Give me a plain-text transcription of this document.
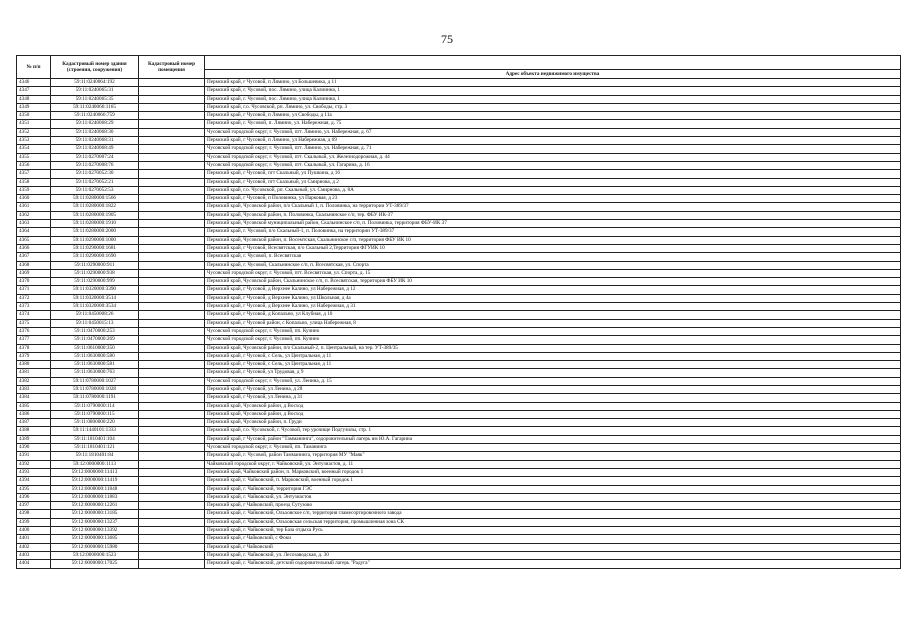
75
№ п/п	Кадастровый номер здания (строения, сооружения)	Кадастровый номер помещения	
			Адрес объекта недвижимого имущества
4346	59:11:0240064:192		Пермский край, г Чусовой, п Лямино, ул Большевика, д 11
4347	59:11:0240065:31		Пермский край, г. Чусовой, пос. Лямино, улица Калинина, 1
4348	59:11:0240065:35		Пермский край, г. Чусовой, пос. Лямино, улица Калинина, 1
4349	59:11:0240066:1165		Пермский край, г.о. Чусовской, рп. Лямино, ул. Свободы, стр. 3
4350	59:11:0240066:759		Пермский край, г Чусовой, п Лямино, ул Свободы, д 11а
4351	59:11:0240068:29		Пермский край, г. Чусовой, п. Лямино, ул. Набережная, д. 75
4352	59:11:0240068:30		Чусовской городской округ, г. Чусовой, пгт. Лямино, ул. Набережная, д. 67
4353	59:11:0240068:31		Пермский край, г Чусовой, п Лямино, ул Набережная, д 69
4354	59:11:0240068:49		Чусовской городской округ, г. Чусовой, пгт. Лямино, ул. Набережная, д. 71
4355	59:11:0270007:24		Чусовской городской округ, г. Чусовой, пгт. Скальный, ул. Железнодорожная, д. 44
4356	59:11:0270008:76		Чусовской городской округ, г. Чусовой, пгт. Скальный, ул. Гагарина, д. 16
4357	59:11:0270052:30		Пермский край, г Чусовой, пгт Скальный, ул Пушкина, д 16
4358	59:11:0270052:21		Пермский край, г Чусовой, пгт Скальный, ул Смирнова, д 2
4359	59:11:0270052:53		Пермский край, г.о. Чусовской, рп. Скальный, ул. Смирнова, д. 8А
4360	59:11:0280000:1566		Пермский край, г Чусовой, п Половинка, ул Парковая, д 23
4361	59:11:0280000:1822		Пермский край, Чусовской район, п/о Скальный 1, п. Половинка, на территории УТ-389/37
4362	59:11:0280000:1905		Пермский край, Чусовской район, п. Половинка, Скальнинское с/п, тер. ФБУ ИК-37
4363	59:11:0280000:1910		Пермский край, Чусовской муниципальный район, Скальнинское с/п, п. Половинка, территория ФБУ-ИК 37
4364	59:11:0280000:2000		Пермский край, г. Чусовой, п/о Скальный-1, п. Половинка, на территории УТ-389/37
4365	59:11:0290000:1000		Пермский край, Чусовской район, п. Восемтская, Скальнинское с/п, территория ФБУ ИК 10
4366	59:11:0290000:1681		Пермский край, г Чусовой, Всесвятская, п/о Скальный 2,Территория ФГУИК 10
4367	59:11:0290000:1690		Пермский край, г. Чусовой, п. Всесвятская
4368	59:11:0290000:911		Пермский край, г. Чусовой, Скальнинское с/п, п. Всесвятская, ул. Спорта
4369	59:11:0290000:938		Чусовской городской округ, г. Чусовой, пгт. Всесвятская, ул. Спорта, д. 15
4370	59:11:0290000:999		Пермский край, Чусовской район, Скальнинское с/п, п. Всесвятская, территория ФБУ ИК 10
4371	59:11:0320000:3390		Пермский край, г Чусовой, д Верхнее Калино, ул Набережная, д 12
4372	59:11:0320000:3514		Пермский край, г Чусовой, д Верхнее Калино, ул Школьная, д 4а
4373	59:11:0320000:3534		Пермский край, г Чусовой, д Верхнее Калино, ул Набережная, д 31
4374	59:11:0450008:26		Пермский край, г Чусовой, д Копально, ул Клубная, д 10
4375	59:11:0450015:13		Пермский край, г Чусовой район, с Копально, улица Набережная, 8
4376	59:11:0470000:253		Чусовской городской округ, г. Чусовой, пп. Кучино
4377	59:11:0470000:269		Чусовской городской округ, г. Чусовой, пп. Кучино
4378	59:11:0610000:350		Пермский край, Чусовской район, п/о Скальный-2, п. Центральный, на тер. УТ-389/35
4379	59:11:0630000:580		Пермский край, г Чусовой, с Сель, ул Центральная, д 11
4380	59:11:0630000:581		Пермский край, г Чусовой, с Сель, ул Центральная, д 11
4381	59:11:0630000:763		Пермский край, г Чусовой, ул Трудовая, д 9
4382	59:11:0780000:1027		Чусовской городской округ, г. Чусовой, ул. Ленина, д. 15
4383	59:11:0780000:1028		Пермский край, г Чусовой, ул Ленина, д 28
4384	59:11:0780000:1191		Пермский край, г Чусовой, ул Ленина, д 31
4385	59:11:0790000:114		Пермский край, Чусовской район, д Восход
4386	59:11:0790000:115		Пермский край, Чусовской район, д Восход
4387	59:11:0800000:220		Пермский край, Чусовской район, п. Груди
4388	59:11:1440101:1333		Пермский край, г.о. Чусовской, г. Чусовой, тер урочище Подгузилы, стр. 1
4389	59:11:1810401:104		Пермский край, г Чусовой, район "Тамманинга", оздоровительный лагерь им Ю.А. Гагарина
4390	59:11:1810401:121		Чусовской городской округ, г. Чусовой, пп. Таманинга
4391	59:11:1810401:84		Пермский край, г. Чусовой, район Тамманинга, территория МУ "Маяк"
4392	59:12:0000000:1113		Чайковский городской округ, г. Чайковский, ул. Энтузиастов, д. 11
4393	59:12:0000000:11413		Пермский край, Чайковский район, п. Марковский, военный городок 1
4394	59:12:0000000:11419		Пермский край, г. Чайковский, п. Марковский, военный городок 1
4395	59:12:0000000:11848		Пермский край, г. Чайковский, территория ГЭС
4396	59:12:0000000:11883		Пермский край, г. Чайковский, ул. Энтузиастов
4397	59:12:0000000:12261		Пермский край, г Чайковский, проезд Сутузово
4398	59:12:0000000:13185		Пермский край, г. Чайковский, Ольховское с/п, территория гламесортировочного завода
4399	59:12:0000000:13237		Пермский край, г. Чайковский, Ольховская сельская территория, промышленная зона СК
4400	59:12:0000000:13392		Пермский край, г. Чайковский, тер База отдыха Русь
4401	59:12:0000000:13685		Пермский край, г Чайковский, с Фоки
4402	59:12:0000000:15980		Пермский край, г Чайковский
4403	59:12:0000000:1523		Пермский край, г. Чайковский, ул. Лесозаводская, д. 30
4404	59:12:0000000:17025		Пермский край, г. Чайковский, детский оздоровительный лагерь "Радуга"
